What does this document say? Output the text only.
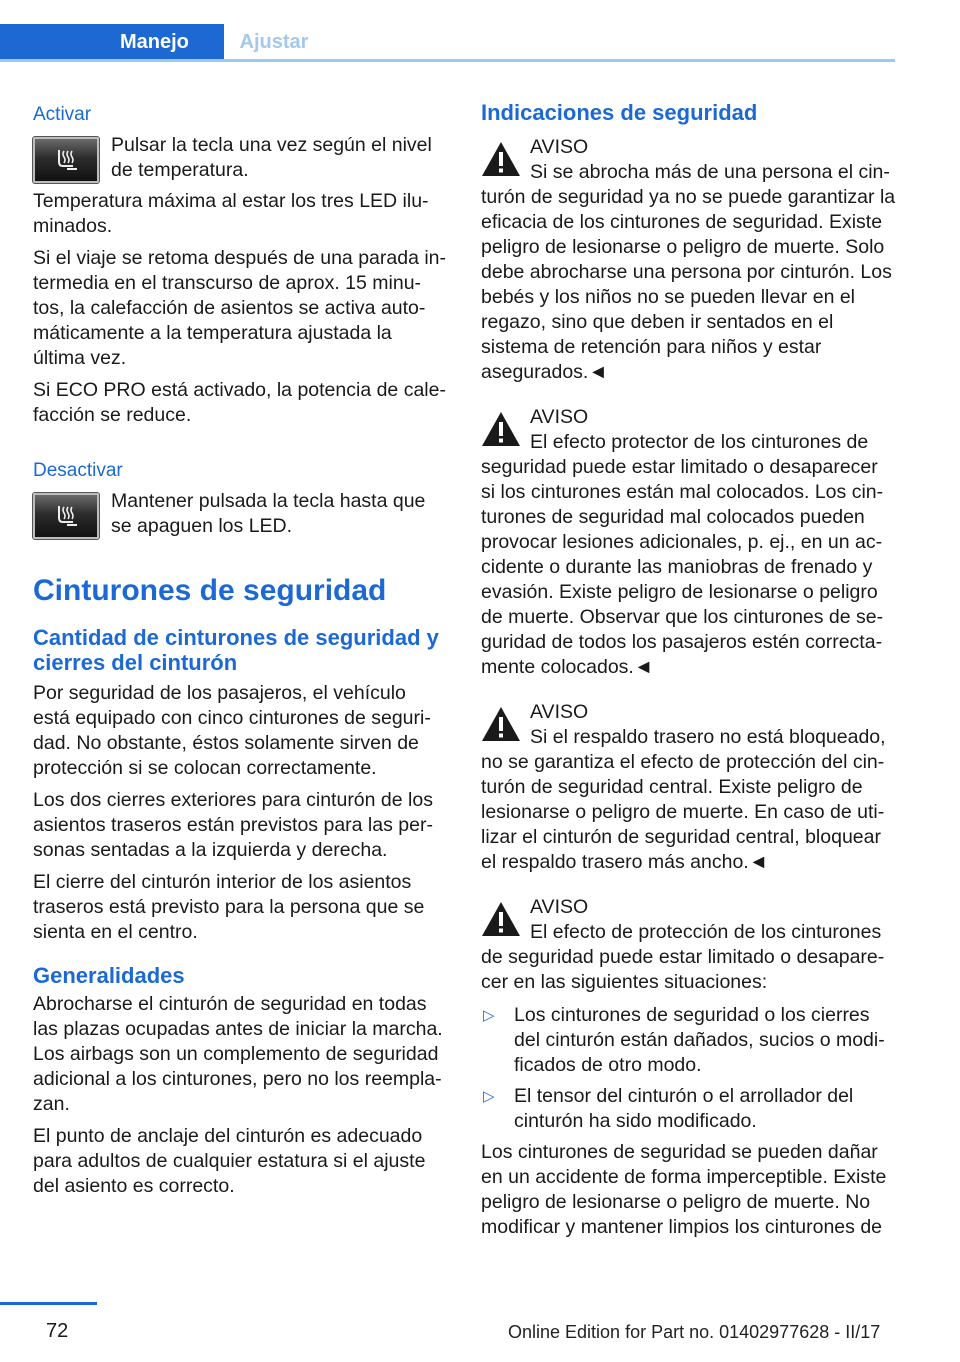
Manejo	Ajustar
Activar
Pulsar la tecla una vez según el nivel de temperatura.

Temperatura máxima al estar los tres LED ilu-minados.

Si el viaje se retoma después de una parada in-termedia en el transcurso de aprox. 15 minu-tos, la calefacción de asientos se activa auto-máticamente a la temperatura ajustada la última vez.

Si ECO PRO está activado, la potencia de cale-facción se reduce.

Desactivar
Mantener pulsada la tecla hasta que se apaguen los LED.
Cinturones de seguridad
Cantidad de cinturones de seguridad y cierres del cinturón

Por seguridad de los pasajeros, el vehículo está equipado con cinco cinturones de seguri-dad. No obstante, éstos solamente sirven de protección si se colocan correctamente.

Los dos cierres exteriores para cinturón de los asientos traseros están previstos para las per-sonas sentadas a la izquierda y derecha.

El cierre del cinturón interior de los asientos traseros está previsto para la persona que se sienta en el centro.

Generalidades

Abrocharse el cinturón de seguridad en todas las plazas ocupadas antes de iniciar la marcha. Los airbags son un complemento de seguridad adicional a los cinturones, pero no los reempla-zan.

El punto de anclaje del cinturón es adecuado para adultos de cualquier estatura si el ajuste del asiento es correcto.

Indicaciones de seguridad
AVISO
Si se abrocha más de una persona el cin-

turón de seguridad ya no se puede garantizar la eficacia de los cinturones de seguridad. Existe peligro de lesionarse o peligro de muerte. Solo debe abrocharse una persona por cinturón. Los bebés y los niños no se pueden llevar en el regazo, sino que deben ir sentados en el sistema de retención para niños y estar asegurados.◄

AVISO
El efecto protector de los cinturones de

seguridad puede estar limitado o desaparecer si los cinturones están mal colocados. Los cin-turones de seguridad mal colocados pueden provocar lesiones adicionales, p. ej., en un ac-cidente o durante las maniobras de frenado y evasión. Existe peligro de lesionarse o peligro de muerte. Observar que los cinturones de se-guridad de todos los pasajeros estén correcta-mente colocados.◄

AVISO
Si el respaldo trasero no está bloqueado,

no se garantiza el efecto de protección del cin-turón de seguridad central. Existe peligro de lesionarse o peligro de muerte. En caso de uti-lizar el cinturón de seguridad central, bloquear el respaldo trasero más ancho.◄

AVISO
El efecto de protección de los cinturones

de seguridad puede estar limitado o desapare-cer en las siguientes situaciones:

▷ Los cinturones de seguridad o los cierres del cinturón están dañados, sucios o modi-ficados de otro modo.
▷ El tensor del cinturón o el arrollador del cinturón ha sido modificado.

Los cinturones de seguridad se pueden dañar en un accidente de forma imperceptible. Existe peligro de lesionarse o peligro de muerte. No modificar y mantener limpios los cinturones de

72	Online Edition for Part no. 01402977628 - II/17
